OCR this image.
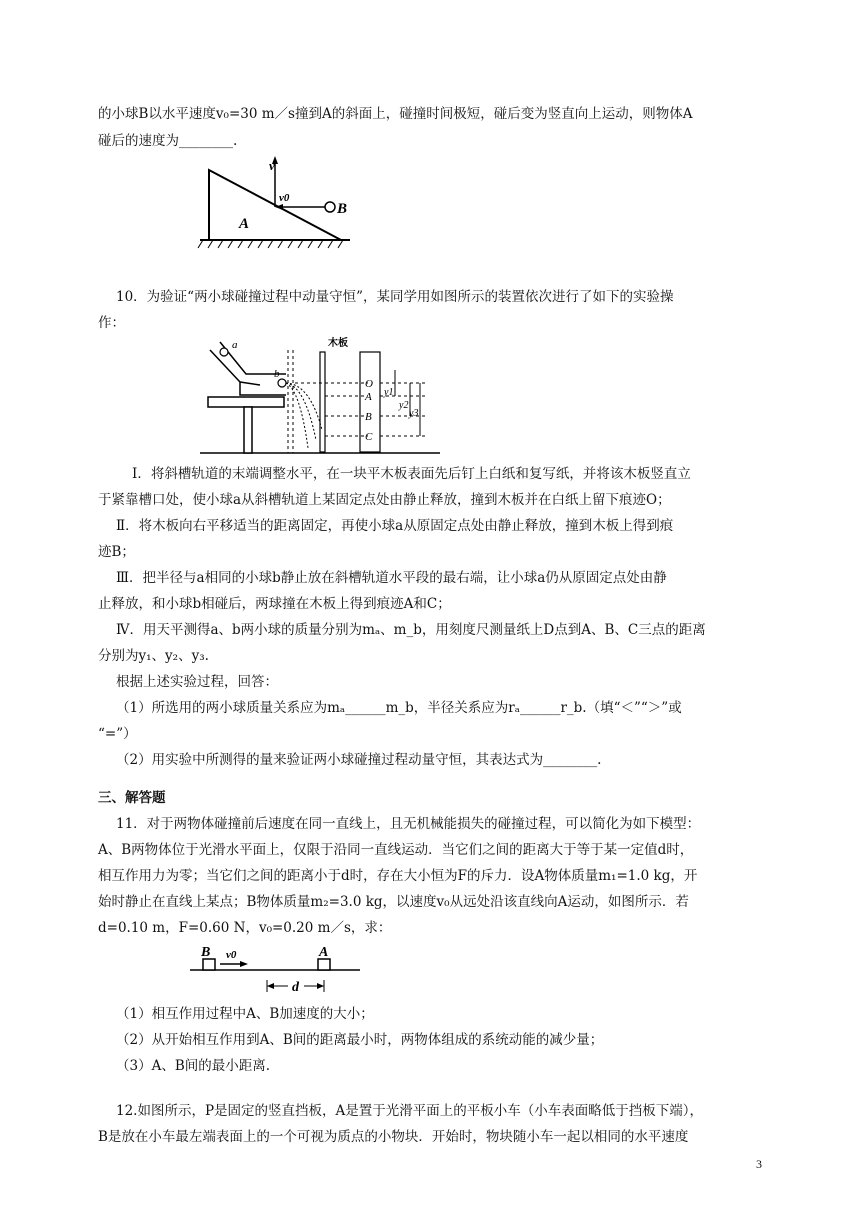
的小球B以水平速度v₀=30 m／s撞到A的斜面上，碰撞时间极短，碰后变为竖直向上运动，则物体A
碰后的速度为________.
v
v0
A
B
10．为验证“两小球碰撞过程中动量守恒”，某同学用如图所示的装置依次进行了如下的实验操
作：
a
b
木板
O
A
B
C
y1
y2
y3
Ⅰ．将斜槽轨道的末端调整水平，在一块平木板表面先后钉上白纸和复写纸，并将该木板竖直立
于紧靠槽口处，使小球a从斜槽轨道上某固定点处由静止释放，撞到木板并在白纸上留下痕迹O；
Ⅱ．将木板向右平移适当的距离固定，再使小球a从原固定点处由静止释放，撞到木板上得到痕
迹B；
Ⅲ．把半径与a相同的小球b静止放在斜槽轨道水平段的最右端，让小球a仍从原固定点处由静
止释放，和小球b相碰后，两球撞在木板上得到痕迹A和C；
Ⅳ．用天平测得a、b两小球的质量分别为mₐ、m_b，用刻度尺测量纸上D点到A、B、C三点的距离
分别为y₁、y₂、y₃.
根据上述实验过程，回答：
（1）所选用的两小球质量关系应为mₐ______m_b，半径关系应为rₐ______r_b.（填“＜”“＞”或
“=”）
（2）用实验中所测得的量来验证两小球碰撞过程动量守恒，其表达式为________.
三、解答题
11．对于两物体碰撞前后速度在同一直线上，且无机械能损失的碰撞过程，可以简化为如下模型：
A、B两物体位于光滑水平面上，仅限于沿同一直线运动．当它们之间的距离大于等于某一定值d时，
相互作用力为零；当它们之间的距离小于d时，存在大小恒为F的斥力．设A物体质量m₁=1.0 kg，开
始时静止在直线上某点；B物体质量m₂=3.0 kg，以速度v₀从远处沿该直线向A运动，如图所示．若
d=0.10 m，F=0.60 N，v₀=0.20 m／s，求：
B v0	A
d
（1）相互作用过程中A、B加速度的大小；
（2）从开始相互作用到A、B间的距离最小时，两物体组成的系统动能的减少量；
（3）A、B间的最小距离.
12.如图所示，P是固定的竖直挡板，A是置于光滑平面上的平板小车（小车表面略低于挡板下端），
B是放在小车最左端表面上的一个可视为质点的小物块．开始时，物块随小车一起以相同的水平速度
3
